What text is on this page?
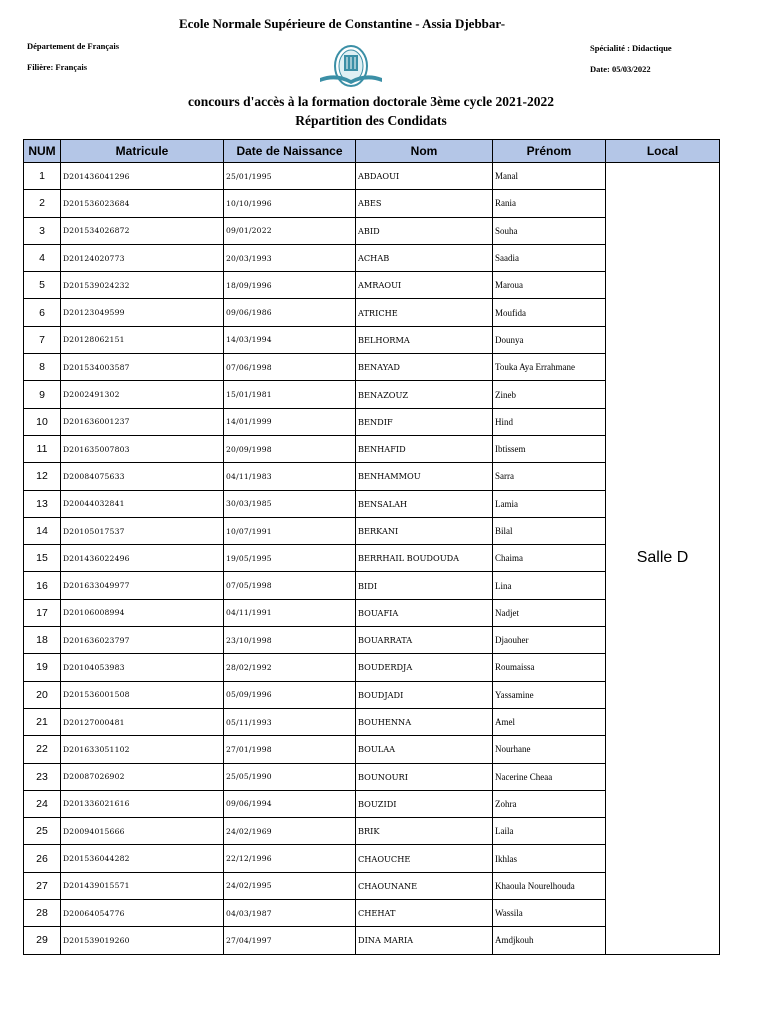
Ecole Normale Supérieure de Constantine - Assia Djebbar-
Département de Français
Filière: Français
Spécialité : Didactique
Date: 05/03/2022
concours d'accès à la formation doctorale 3ème cycle 2021-2022
Répartition des Condidats
NUM	Matricule	Date de Naissance	Nom	Prénom	Local
1	D201436041296	25/01/1995	ABDAOUI	Manal	Salle D
2	D201536023684	10/10/1996	ABES	Rania	
3	D201534026872	09/01/2022	ABID	Souha	
4	D20124020773	20/03/1993	ACHAB	Saadia	
5	D201539024232	18/09/1996	AMRAOUI	Maroua	
6	D20123049599	09/06/1986	ATRICHE	Moufida	
7	D20128062151	14/03/1994	BELHORMA	Dounya	
8	D201534003587	07/06/1998	BENAYAD	Touka Aya Errahmane	
9	D2002491302	15/01/1981	BENAZOUZ	Zineb	
10	D201636001237	14/01/1999	BENDIF	Hind	
11	D201635007803	20/09/1998	BENHAFID	Ibtissem	
12	D20084075633	04/11/1983	BENHAMMOU	Sarra	
13	D20044032841	30/03/1985	BENSALAH	Lamia	
14	D20105017537	10/07/1991	BERKANI	Bilal	
15	D201436022496	19/05/1995	BERRHAIL BOUDOUDA	Chaima	
16	D201633049977	07/05/1998	BIDI	Lina	
17	D20106008994	04/11/1991	BOUAFIA	Nadjet	
18	D201636023797	23/10/1998	BOUARRATA	Djaouher	
19	D20104053983	28/02/1992	BOUDERDJA	Roumaissa	
20	D201536001508	05/09/1996	BOUDJADI	Yassamine	
21	D20127000481	05/11/1993	BOUHENNA	Amel	
22	D201633051102	27/01/1998	BOULAA	Nourhane	
23	D20087026902	25/05/1990	BOUNOURI	Nacerine Cheaa	
24	D201336021616	09/06/1994	BOUZIDI	Zohra	
25	D20094015666	24/02/1969	BRIK	Laila	
26	D201536044282	22/12/1996	CHAOUCHE	Ikhlas	
27	D201439015571	24/02/1995	CHAOUNANE	Khaoula Nourelhouda	
28	D20064054776	04/03/1987	CHEHAT	Wassila	
29	D201539019260	27/04/1997	DINA MARIA	Amdjkouh	
